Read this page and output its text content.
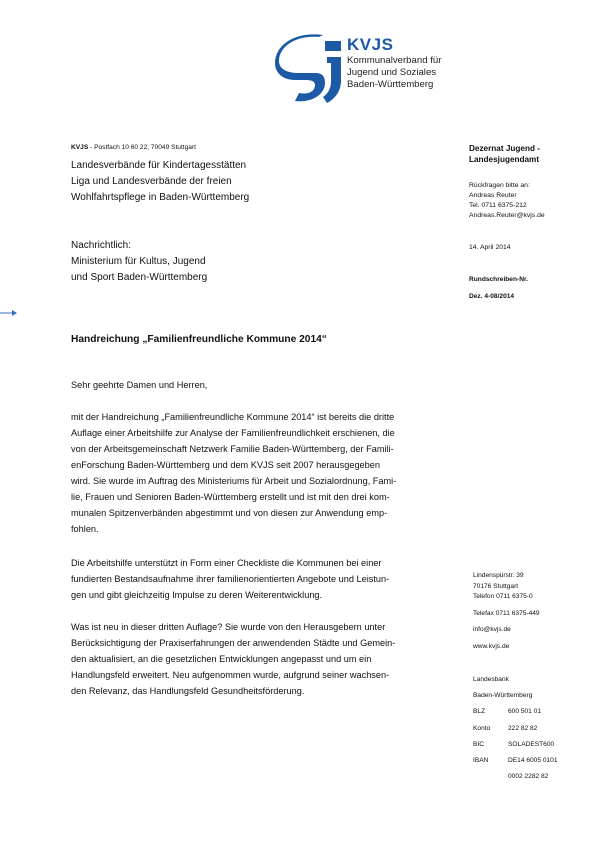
KVJS
Kommunalverband für
Jugend und Soziales
Baden-Württemberg
KVJS - Postfach 10 60 22, 70049 Stuttgart
Landesverbände für Kindertagesstätten
Liga und Landesverbände der freien
Wohlfahrtspflege in Baden-Württemberg
Nachrichtlich:
Ministerium für Kultus, Jugend
und Sport Baden-Württemberg
Dezernat Jugend -
Landesjugendamt
Rückfragen bitte an:
Andreas Reuter
Tel. 0711 6375-212
Andreas.Reuter@kvjs.de
14. April 2014
Rundschreiben-Nr.
Dez. 4-08/2014
Handreichung „Familienfreundliche Kommune 2014“
Sehr geehrte Damen und Herren,
mit der Handreichung „Familienfreundliche Kommune 2014“ ist bereits die dritte
Auflage einer Arbeitshilfe zur Analyse der Familienfreundlichkeit erschienen, die
von der Arbeitsgemeinschaft Netzwerk Familie Baden-Württemberg, der Famili-
enForschung Baden-Württemberg und dem KVJS seit 2007 herausgegeben
wird. Sie wurde im Auftrag des Ministeriums für Arbeit und Sozialordnung, Fami-
lie, Frauen und Senioren Baden-Württemberg erstellt und ist mit den drei kom-
munalen Spitzenverbänden abgestimmt und von diesen zur Anwendung emp-
fohlen.
Die Arbeitshilfe unterstützt in Form einer Checkliste die Kommunen bei einer
fundierten Bestandsaufnahme ihrer familienorientierten Angebote und Leistun-
gen und gibt gleichzeitig Impulse zu deren Weiterentwicklung.
Was ist neu in dieser dritten Auflage? Sie wurde von den Herausgebern unter
Berücksichtigung der Praxiserfahrungen der anwendenden Städte und Gemein-
den aktualisiert, an die gesetzlichen Entwicklungen angepasst und um ein
Handlungsfeld erweitert. Neu aufgenommen wurde, aufgrund seiner wachsen-
den Relevanz, das Handlungsfeld Gesundheitsförderung.
Lindenspürstr. 39
70176 Stuttgart
Telefon 0711 6375-0
Telefax 0711 6375-449
info@kvjs.de
www.kvjs.de
Landesbank
Baden-Württemberg
BLZ	600 501 01
Konto	222 82 82
BIC	SOLADEST600
IBAN	DE14 6005 0101
0002 2282 82
